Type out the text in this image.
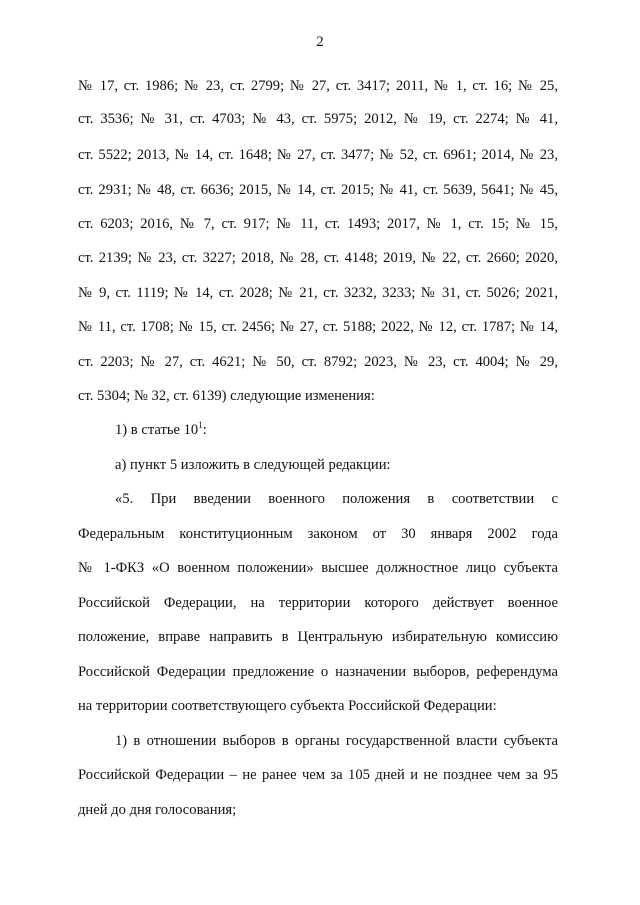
2
№ 17, ст. 1986; № 23, ст. 2799; № 27, ст. 3417; 2011, № 1, ст. 16; № 25,
ст. 3536; № 31, ст. 4703; № 43, ст. 5975; 2012, № 19, ст. 2274; № 41,
ст. 5522; 2013, № 14, ст. 1648; № 27, ст. 3477; № 52, ст. 6961; 2014, № 23,
ст. 2931; № 48, ст. 6636; 2015, № 14, ст. 2015; № 41, ст. 5639, 5641; № 45,
ст. 6203; 2016, № 7, ст. 917; № 11, ст. 1493; 2017, № 1, ст. 15; № 15,
ст. 2139; № 23, ст. 3227; 2018, № 28, ст. 4148; 2019, № 22, ст. 2660; 2020,
№ 9, ст. 1119; № 14, ст. 2028; № 21, ст. 3232, 3233; № 31, ст. 5026; 2021,
№ 11, ст. 1708; № 15, ст. 2456; № 27, ст. 5188; 2022, № 12, ст. 1787; № 14,
ст. 2203; № 27, ст. 4621; № 50, ст. 8792; 2023, № 23, ст. 4004; № 29,
ст. 5304; № 32, ст. 6139) следующие изменения:
1) в статье $10^1$:
а) пункт 5 изложить в следующей редакции:
«5. При введении военного положения в соответствии с
Федеральным конституционным законом от 30 января 2002 года
№ 1-ФКЗ «О военном положении» высшее должностное лицо субъекта
Российской Федерации, на территории которого действует военное
положение, вправе направить в Центральную избирательную комиссию
Российской Федерации предложение о назначении выборов, референдума
на территории соответствующего субъекта Российской Федерации:
1) в отношении выборов в органы государственной власти субъекта
Российской Федерации – не ранее чем за 105 дней и не позднее чем за 95
дней до дня голосования;
